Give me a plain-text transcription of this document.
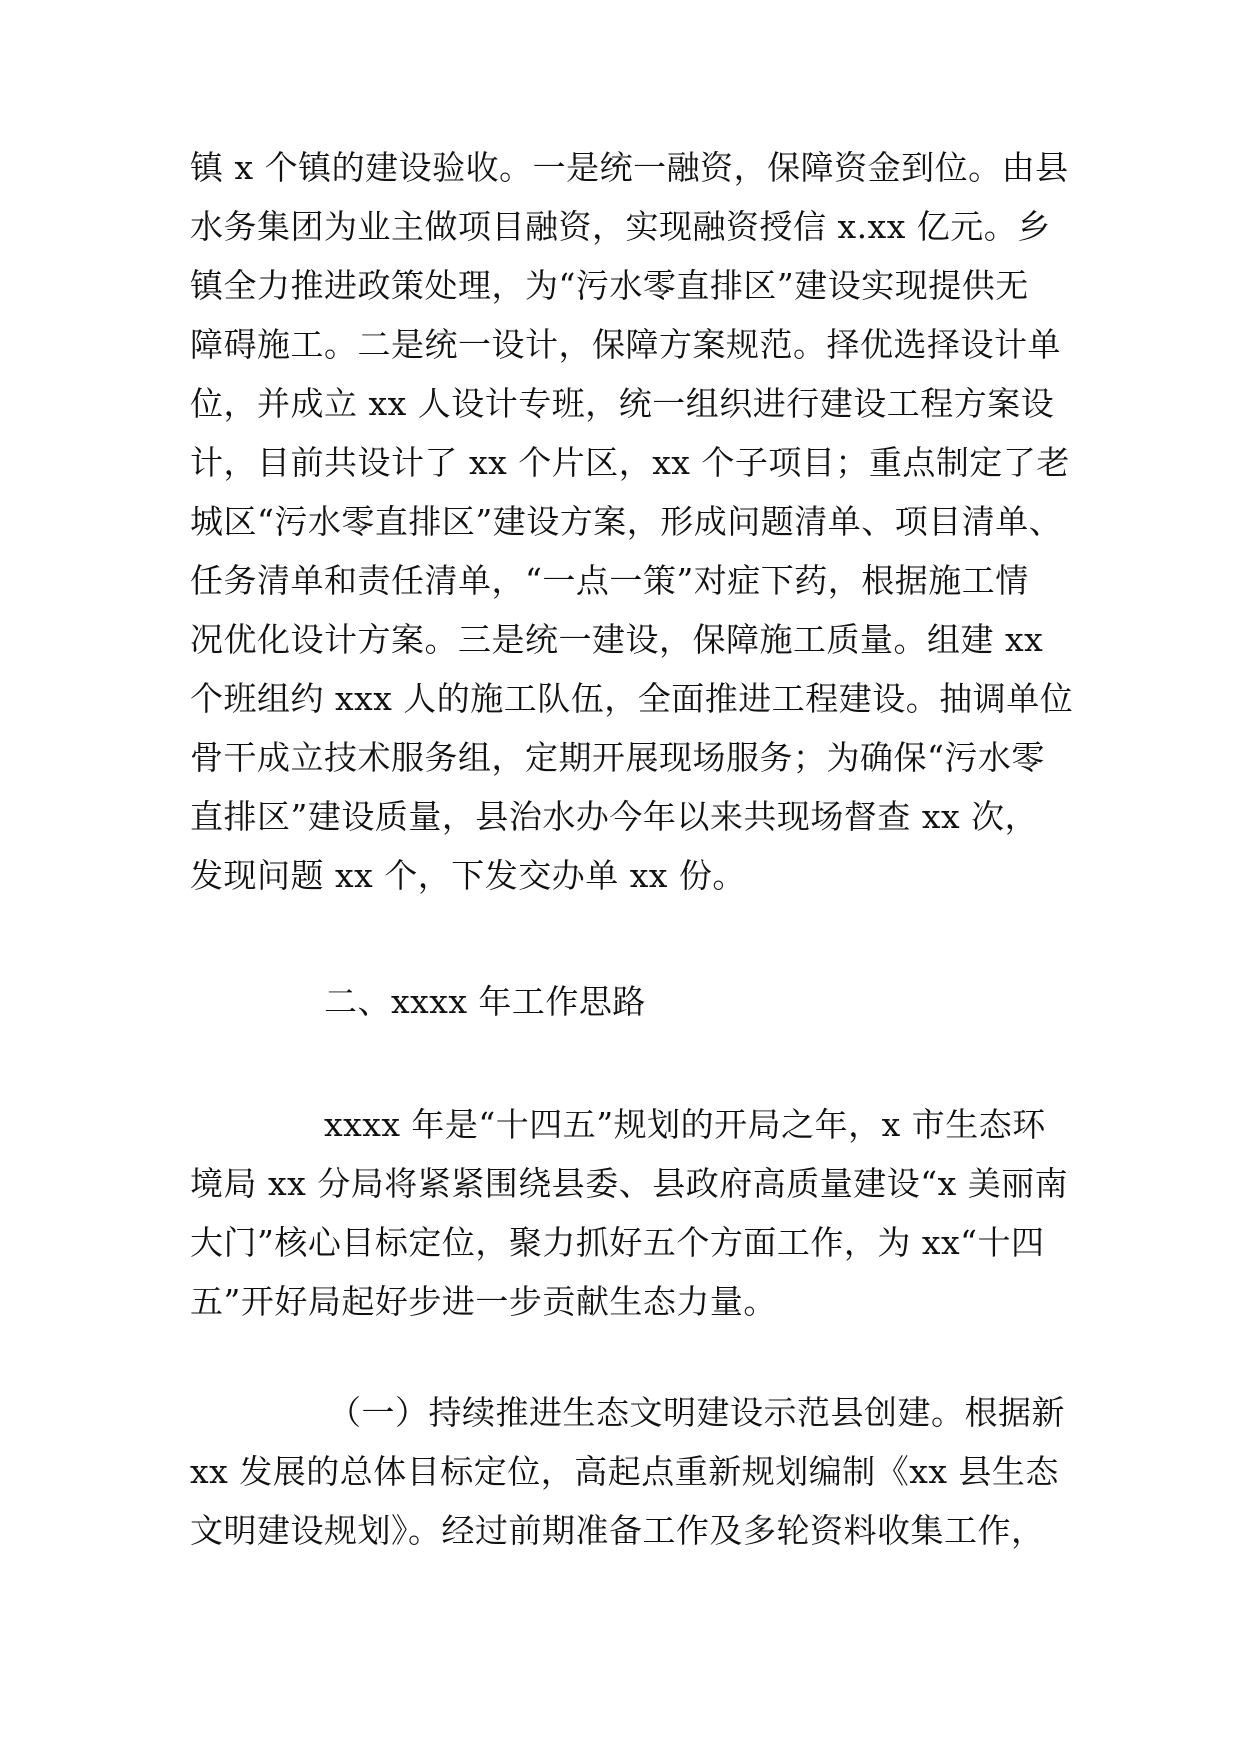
镇 x 个镇的建设验收。一是统一融资，保障资金到位。由县
水务集团为业主做项目融资，实现融资授信 x.xx 亿元。乡
镇全力推进政策处理，为“污水零直排区”建设实现提供无
障碍施工。二是统一设计，保障方案规范。择优选择设计单
位，并成立 xx 人设计专班，统一组织进行建设工程方案设
计，目前共设计了 xx 个片区，xx 个子项目；重点制定了老
城区“污水零直排区”建设方案，形成问题清单、项目清单、
任务清单和责任清单，“一点一策”对症下药，根据施工情
况优化设计方案。三是统一建设，保障施工质量。组建 xx
个班组约 xxx 人的施工队伍，全面推进工程建设。抽调单位
骨干成立技术服务组，定期开展现场服务；为确保“污水零
直排区”建设质量，县治水办今年以来共现场督查 xx 次，
发现问题 xx 个，下发交办单 xx 份。
二、xxxx 年工作思路
xxxx 年是“十四五”规划的开局之年，x 市生态环
境局 xx 分局将紧紧围绕县委、县政府高质量建设“x 美丽南
大门”核心目标定位，聚力抓好五个方面工作，为 xx“十四
五”开好局起好步进一步贡献生态力量。
（一）持续推进生态文明建设示范县创建。根据新
xx 发展的总体目标定位，高起点重新规划编制《xx 县生态
文明建设规划》。经过前期准备工作及多轮资料收集工作，
